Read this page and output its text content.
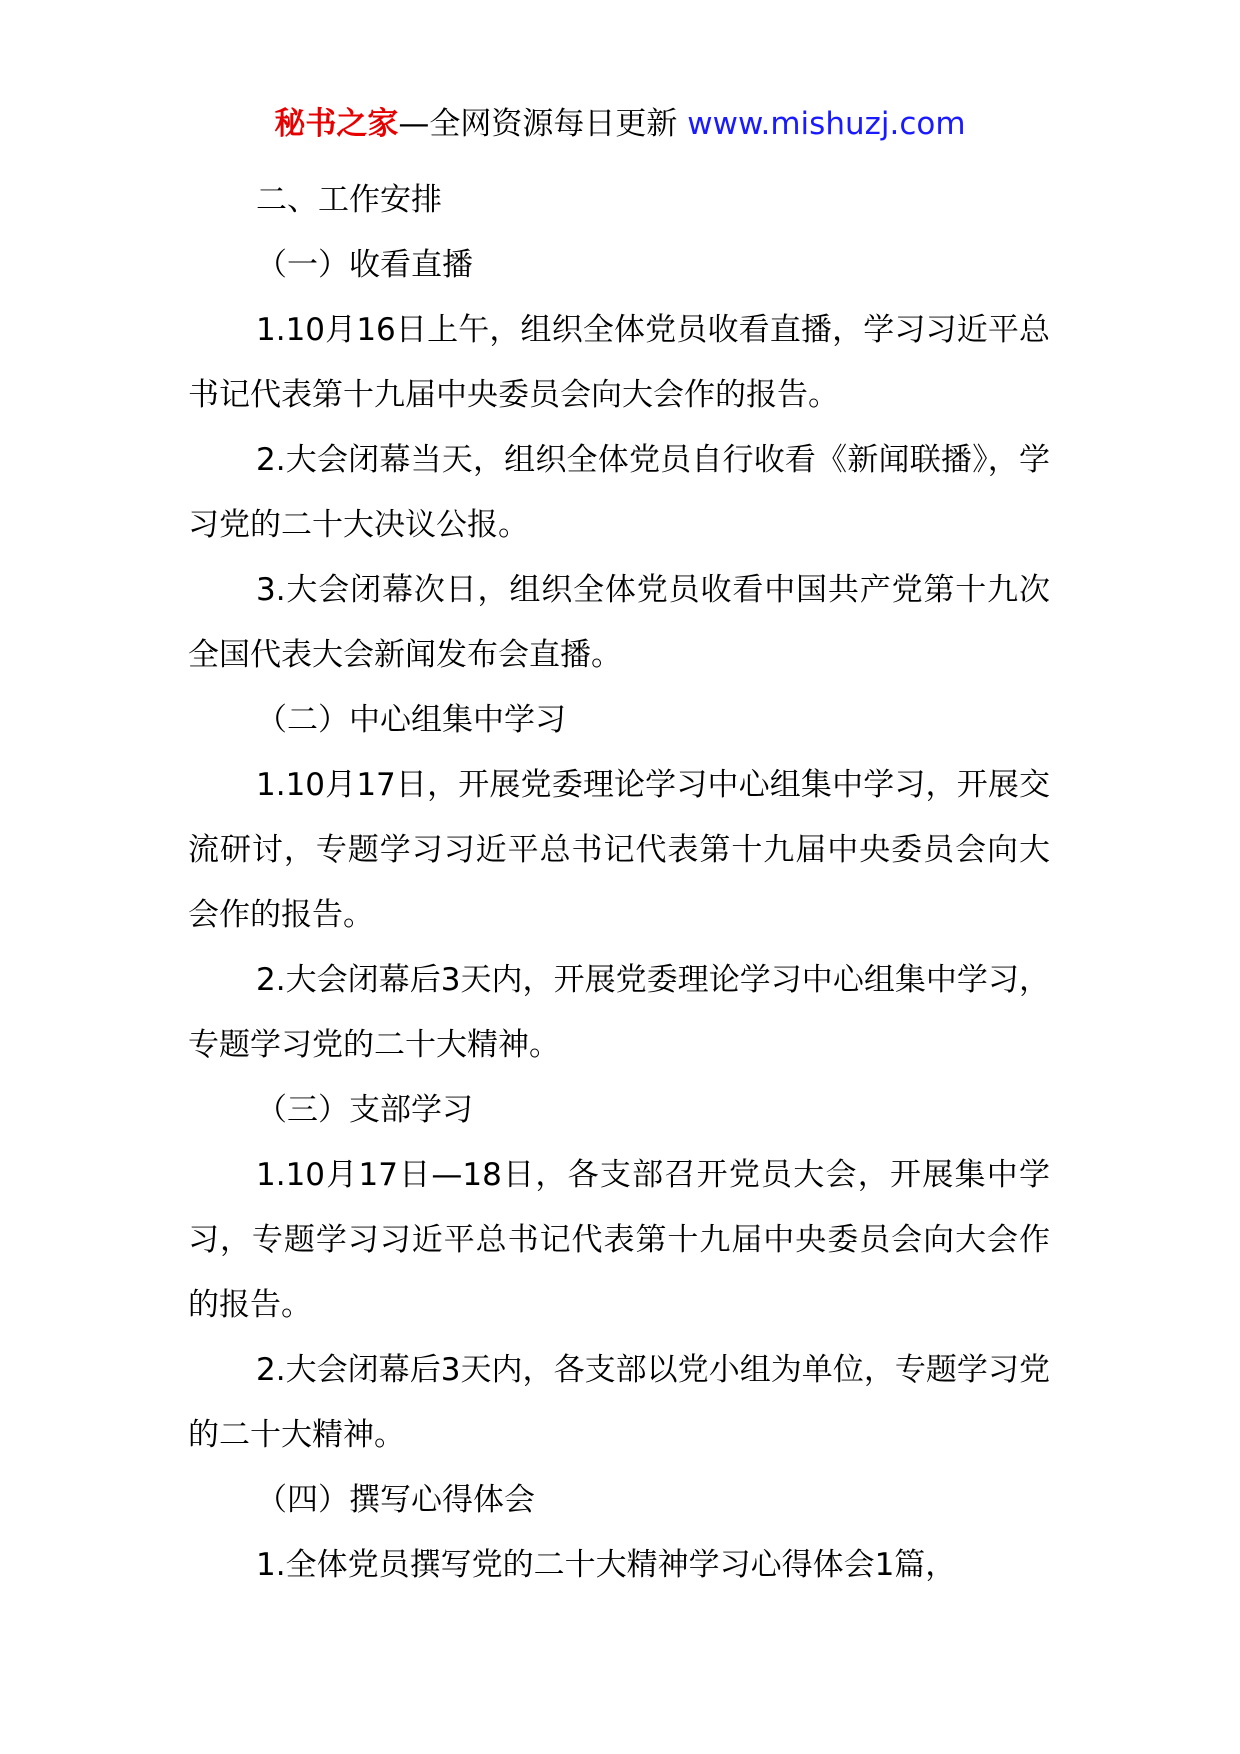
秘书之家—全网资源每日更新 www.mishuzj.com

二、工作安排

（一）收看直播

1.10月16日上午，组织全体党员收看直播，学习习近平总书记代表第十九届中央委员会向大会作的报告。

2.大会闭幕当天，组织全体党员自行收看《新闻联播》，学习党的二十大决议公报。

3.大会闭幕次日，组织全体党员收看中国共产党第十九次全国代表大会新闻发布会直播。

（二）中心组集中学习

1.10月17日，开展党委理论学习中心组集中学习，开展交流研讨，专题学习习近平总书记代表第十九届中央委员会向大会作的报告。

2.大会闭幕后3天内，开展党委理论学习中心组集中学习，专题学习党的二十大精神。

（三）支部学习

1.10月17日—18日，各支部召开党员大会，开展集中学习，专题学习习近平总书记代表第十九届中央委员会向大会作的报告。

2.大会闭幕后3天内，各支部以党小组为单位，专题学习党的二十大精神。

（四）撰写心得体会

1.全体党员撰写党的二十大精神学习心得体会1篇，
